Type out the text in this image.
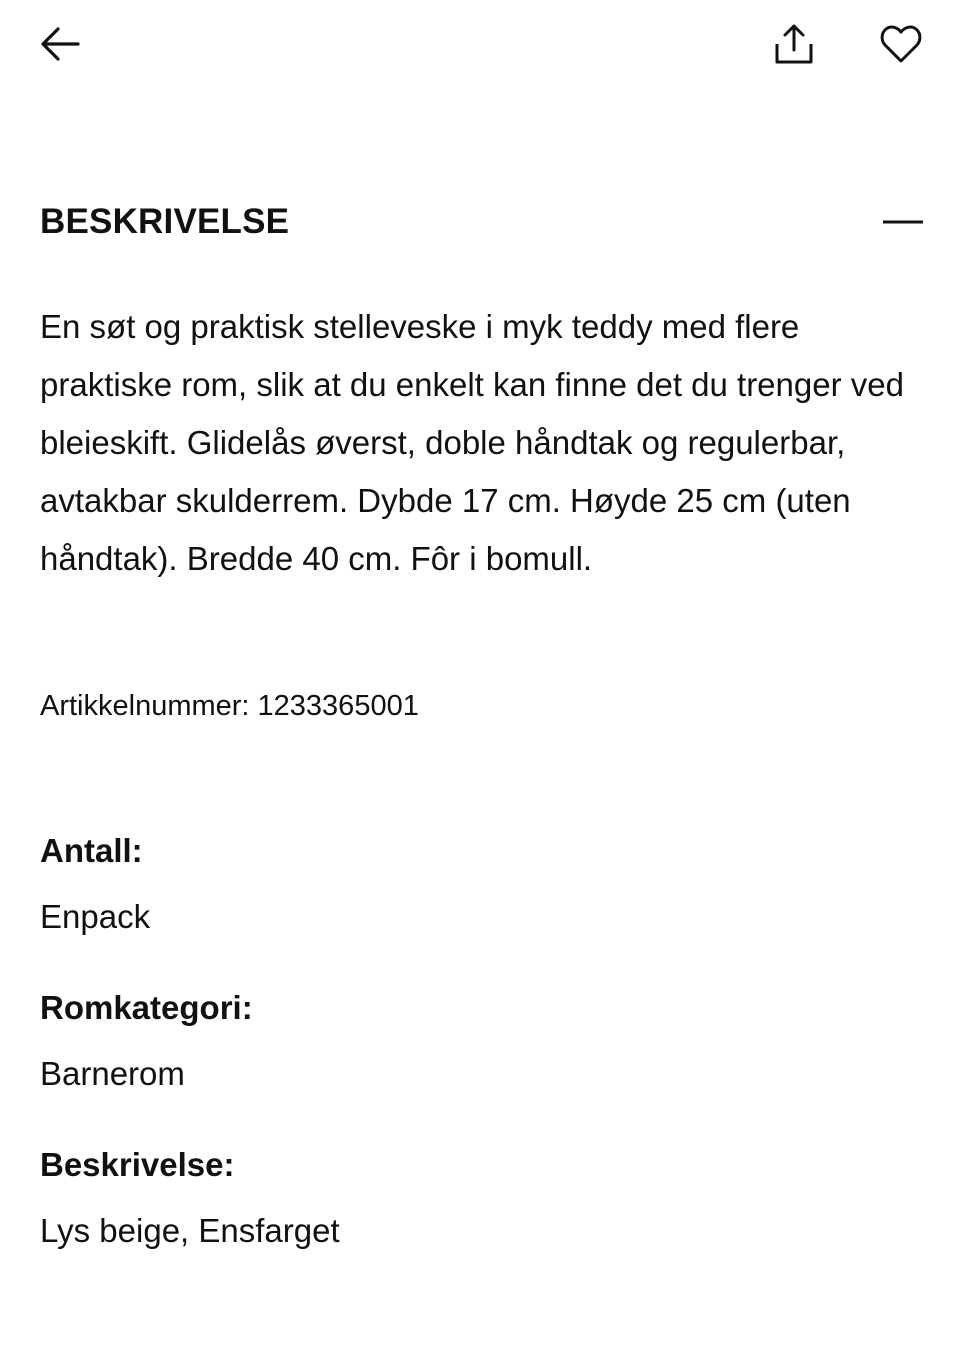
BESKRIVELSE

En søt og praktisk stelleveske i myk teddy med flere praktiske rom, slik at du enkelt kan finne det du trenger ved bleieskift. Glidelås øverst, doble håndtak og regulerbar, avtakbar skulderrem. Dybde 17 cm. Høyde 25 cm (uten håndtak). Bredde 40 cm. Fôr i bomull.

Artikkelnummer: 1233365001
Antall:
Enpack
Romkategori:
Barnerom
Beskrivelse:
Lys beige, Ensfarget
